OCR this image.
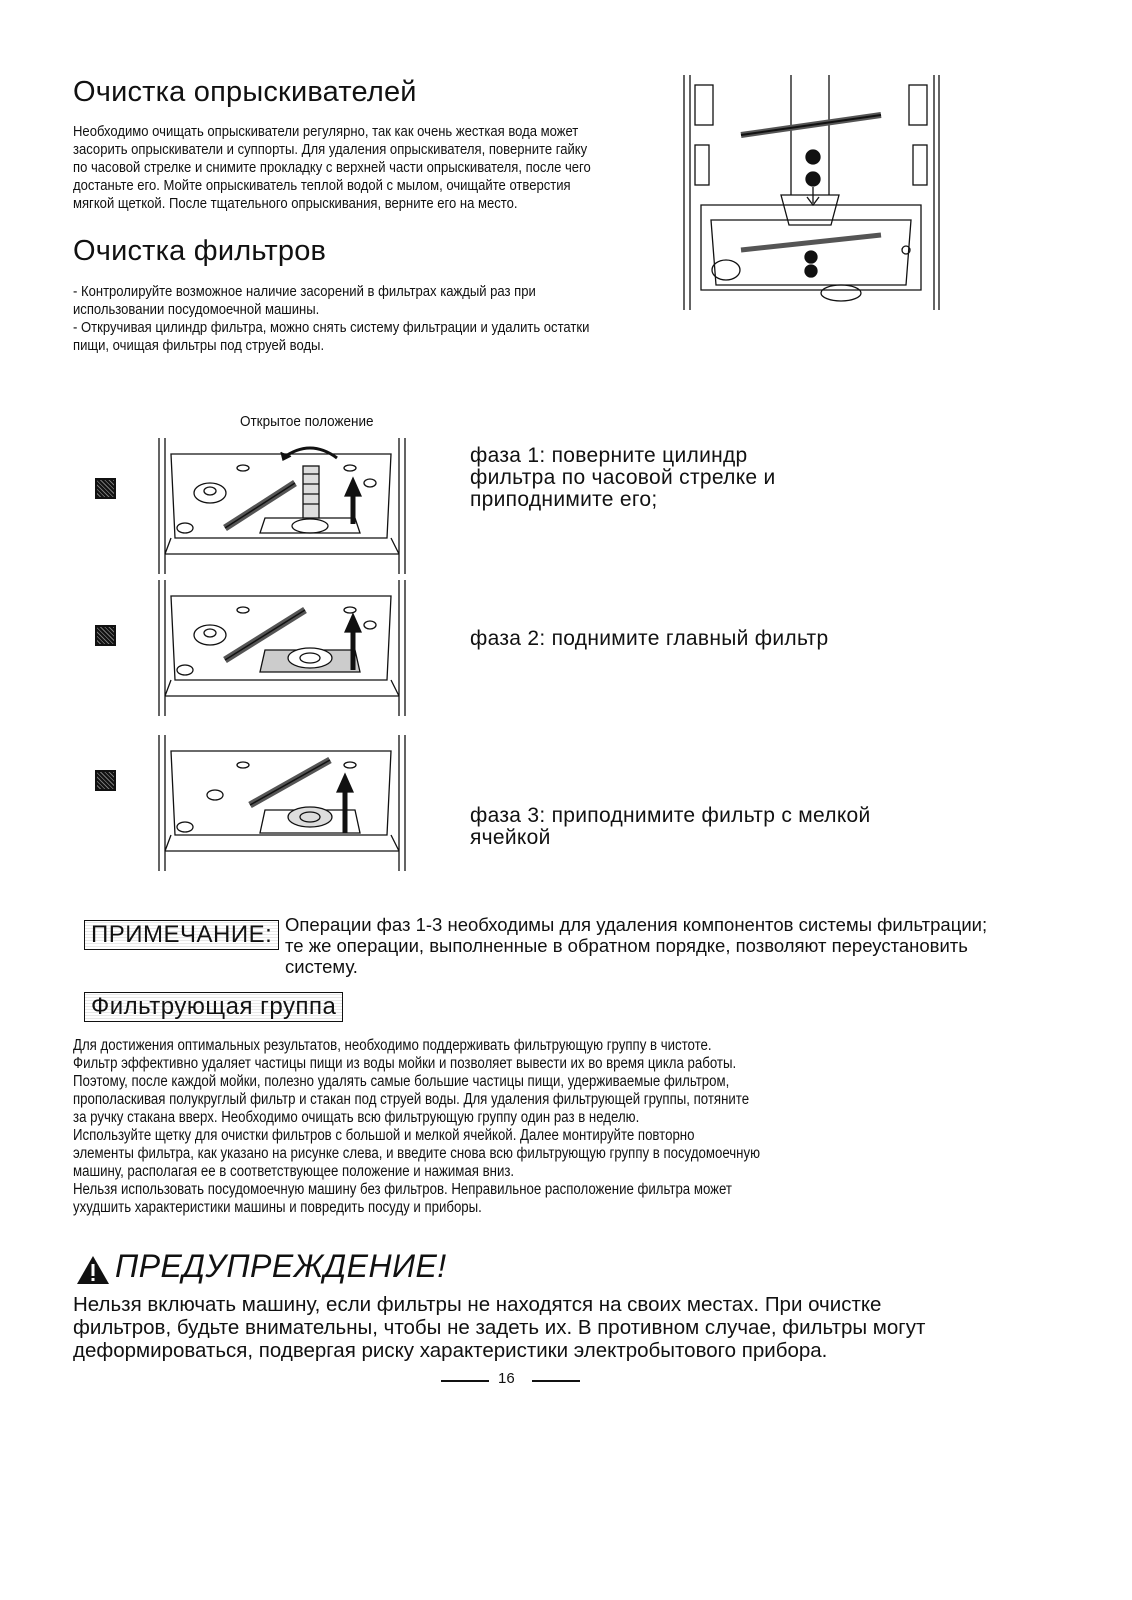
Очистка опрыскивателей
Необходимо очищать опрыскиватели регулярно, так как очень жесткая вода может
засорить опрыскиватели и суппорты. Для удаления опрыскивателя, поверните гайку
по часовой стрелке и снимите прокладку с верхней части опрыскивателя, после чего
достаньте его. Мойте опрыскиватель теплой водой с мылом, очищайте отверстия
мягкой щеткой. После тщательного опрыскивания, верните его на место.
Очистка фильтров
- Контролируйте возможное наличие засорений в фильтрах каждый раз при
использовании посудомоечной машины.
- Откручивая цилиндр фильтра, можно снять систему фильтрации и удалить остатки
пищи, очищая фильтры под струей воды.
Открытое положение
фаза 1: поверните цилиндр
фильтра по часовой стрелке и
приподнимите его;
фаза 2: поднимите главный фильтр
фаза 3: приподнимите фильтр с мелкой
ячейкой
ПРИМЕЧАНИЕ: Операции фаз 1-3 необходимы для удаления компонентов системы фильтрации;
те же операции, выполненные в обратном порядке, позволяют переустановить
систему.
Фильтрующая группа
Для достижения оптимальных результатов, необходимо поддерживать фильтрующую группу в чистоте.
Фильтр эффективно удаляет частицы пищи из воды мойки и позволяет вывести их во время цикла работы.
Поэтому, после каждой мойки, полезно удалять самые большие частицы пищи, удерживаемые фильтром,
прополаскивая полукруглый фильтр и стакан под струей воды. Для удаления фильтрующей группы, потяните
за ручку стакана вверх. Необходимо очищать всю фильтрующую группу один раз в неделю.
Используйте щетку для очистки фильтров с большой и мелкой ячейкой. Далее монтируйте повторно
элементы фильтра, как указано на рисунке слева, и введите снова всю фильтрующую группу в посудомоечную
машину, располагая ее в соответствующее положение и нажимая вниз.
Нельзя использовать посудомоечную машину без фильтров. Неправильное расположение фильтра может
ухудшить характеристики машины и повредить посуду и приборы.
ПРЕДУПРЕЖДЕНИЕ!
Нельзя включать машину, если фильтры не находятся на своих местах. При очистке
фильтров, будьте внимательны, чтобы не задеть их. В противном случае, фильтры могут
деформироваться, подвергая риску характеристики электробытового прибора.
16
